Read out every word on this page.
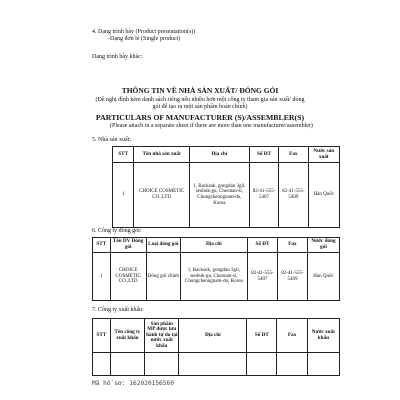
4. Dạng trình bày (Product presentation(s))
-Dạng đơn lẻ (Single product)
Dạng trình bày khác:
THÔNG TIN VỀ NHÀ SẢN XUẤT/ ĐÓNG GÓI
(Đề nghị đính kèm danh sách riêng nếu nhiều hơn một công ty tham gia sản xuất/ đóng
gói để tạo ra một sản phẩm hoàn chỉnh)
PARTICULARS OF MANUFACTURER (S)/ASSEMBLER(S)
(Please attach in a separate sheet if there are more than one manufacturer/assembler)
5. Nhà sản xuất:
STT	Tên nhà sản xuất	Địa chỉ	Số ĐT	Fax	Nước sản xuất
1	CHOICE COSMETIC CO.,LTD	1, Backsuk, gongdan 3gil, seobuk-gu, Cheonan-si, Chungcheongnam-do, Korea	82-41-555-5407	82-41-555-5409	Hàn Quốc
6. Công ty đóng gói:
STT	Tên DV Đóng gói	Loại đóng gói	Địa chỉ	Số ĐT	Fax	Nước đóng gói
1	CHOICE COSMETIC CO.,LTD	Đóng gói chính	1, Backsuk, gongdan 3gil, seobuk-gu, Cheonan-si, Chungcheongnam-do, Korea	82-41-555-5407	82-41-555-5409	Hàn Quốc
7. Công ty xuất khẩu:
STT	Tên công ty xuất khẩu	Sản phẩm MP được lưu hành tự do tại nước xuất khẩu	Địa chỉ	Số ĐT	Fax	Nước xuất khẩu

Mã hồ sơ: 162020156560
